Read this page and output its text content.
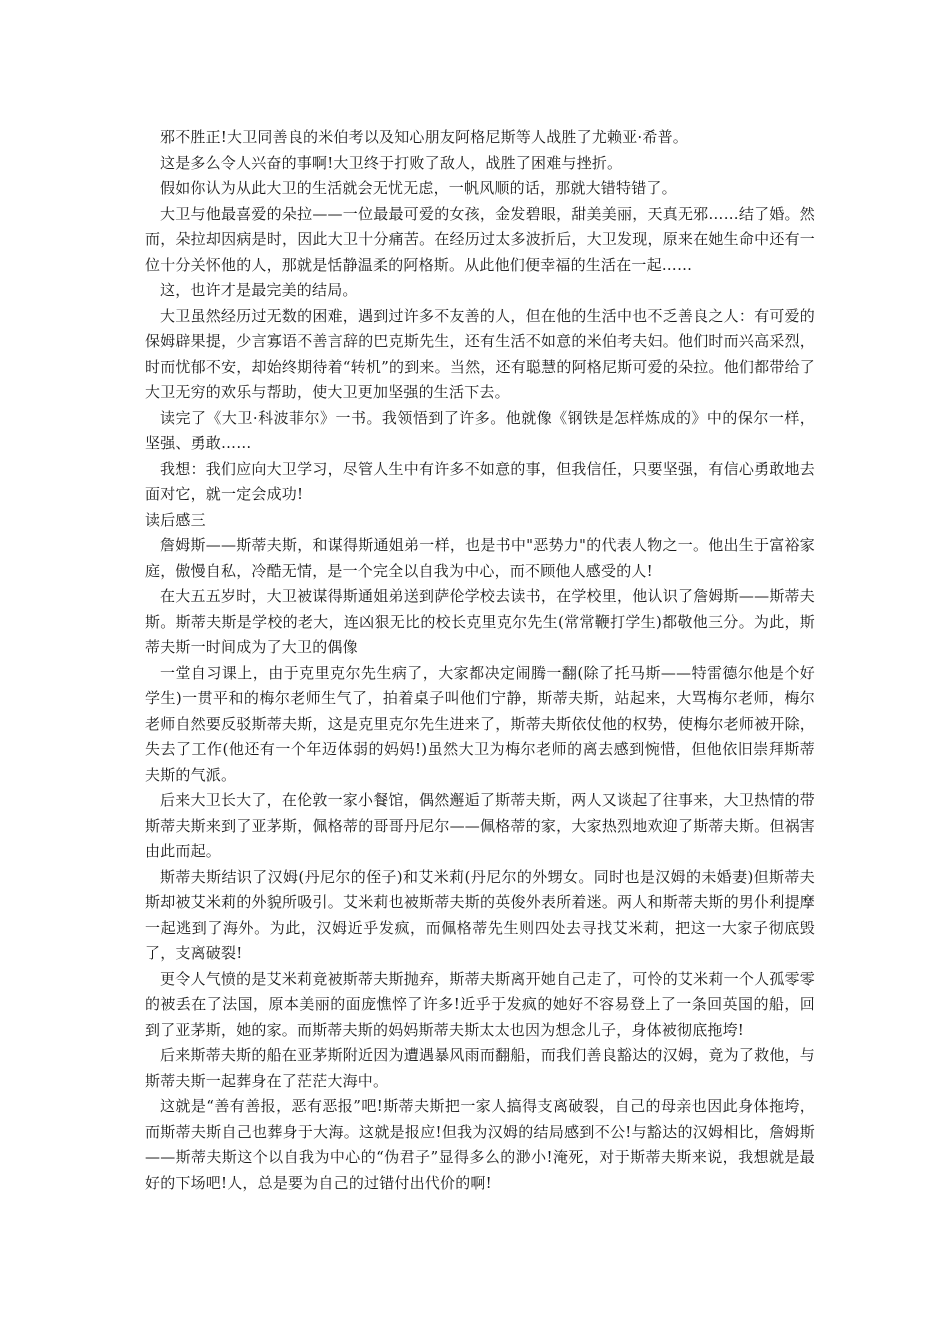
邪不胜正!大卫同善良的米伯考以及知心朋友阿格尼斯等人战胜了尤赖亚·希普。

这是多么令人兴奋的事啊!大卫终于打败了敌人，战胜了困难与挫折。

假如你认为从此大卫的生活就会无忧无虑，一帆风顺的话，那就大错特错了。

大卫与他最喜爱的朵拉——一位最最可爱的女孩，金发碧眼，甜美美丽，天真无邪……结了婚。然而，朵拉却因病是时，因此大卫十分痛苦。在经历过太多波折后，大卫发现，原来在她生命中还有一位十分关怀他的人，那就是恬静温柔的阿格斯。从此他们便幸福的生活在一起……

这，也许才是最完美的结局。

大卫虽然经历过无数的困难，遇到过许多不友善的人，但在他的生活中也不乏善良之人：有可爱的保姆辟果提，少言寡语不善言辞的巴克斯先生，还有生活不如意的米伯考夫妇。他们时而兴高采烈，时而忧郁不安，却始终期待着“转机”的到来。当然，还有聪慧的阿格尼斯可爱的朵拉。他们都带给了大卫无穷的欢乐与帮助，使大卫更加坚强的生活下去。

读完了《大卫·科波菲尔》一书。我领悟到了许多。他就像《钢铁是怎样炼成的》中的保尔一样，坚强、勇敢……

我想：我们应向大卫学习，尽管人生中有许多不如意的事，但我信任，只要坚强，有信心勇敢地去面对它，就一定会成功!

读后感三

詹姆斯——斯蒂夫斯，和谋得斯通姐弟一样，也是书中"恶势力"的代表人物之一。他出生于富裕家庭，傲慢自私，冷酷无情，是一个完全以自我为中心，而不顾他人感受的人!

在大五五岁时，大卫被谋得斯通姐弟送到萨伦学校去读书，在学校里，他认识了詹姆斯——斯蒂夫斯。斯蒂夫斯是学校的老大，连凶狠无比的校长克里克尔先生(常常鞭打学生)都敬他三分。为此，斯蒂夫斯一时间成为了大卫的偶像

一堂自习课上，由于克里克尔先生病了，大家都决定闹腾一翻(除了托马斯——特雷德尔他是个好学生)一贯平和的梅尔老师生气了，拍着桌子叫他们宁静，斯蒂夫斯，站起来，大骂梅尔老师，梅尔老师自然要反驳斯蒂夫斯，这是克里克尔先生进来了，斯蒂夫斯依仗他的权势，使梅尔老师被开除，失去了工作(他还有一个年迈体弱的妈妈!)虽然大卫为梅尔老师的离去感到惋惜，但他依旧崇拜斯蒂夫斯的气派。

后来大卫长大了，在伦敦一家小餐馆，偶然邂逅了斯蒂夫斯，两人又谈起了往事来，大卫热情的带斯蒂夫斯来到了亚茅斯，佩格蒂的哥哥丹尼尔——佩格蒂的家，大家热烈地欢迎了斯蒂夫斯。但祸害由此而起。

斯蒂夫斯结识了汉姆(丹尼尔的侄子)和艾米莉(丹尼尔的外甥女。同时也是汉姆的未婚妻)但斯蒂夫斯却被艾米莉的外貌所吸引。艾米莉也被斯蒂夫斯的英俊外表所着迷。两人和斯蒂夫斯的男仆利提摩一起逃到了海外。为此，汉姆近乎发疯，而佩格蒂先生则四处去寻找艾米莉，把这一大家子彻底毁了，支离破裂!

更令人气愤的是艾米莉竟被斯蒂夫斯抛弃，斯蒂夫斯离开她自己走了，可怜的艾米莉一个人孤零零的被丢在了法国，原本美丽的面庞憔悴了许多!近乎于发疯的她好不容易登上了一条回英国的船，回到了亚茅斯，她的家。而斯蒂夫斯的妈妈斯蒂夫斯太太也因为想念儿子，身体被彻底拖垮!

后来斯蒂夫斯的船在亚茅斯附近因为遭遇暴风雨而翻船，而我们善良豁达的汉姆，竟为了救他，与斯蒂夫斯一起葬身在了茫茫大海中。

这就是“善有善报，恶有恶报”吧!斯蒂夫斯把一家人搞得支离破裂，自己的母亲也因此身体拖垮，而斯蒂夫斯自己也葬身于大海。这就是报应!但我为汉姆的结局感到不公!与豁达的汉姆相比，詹姆斯——斯蒂夫斯这个以自我为中心的“伪君子”显得多么的渺小!淹死，对于斯蒂夫斯来说，我想就是最好的下场吧!人，总是要为自己的过错付出代价的啊!
